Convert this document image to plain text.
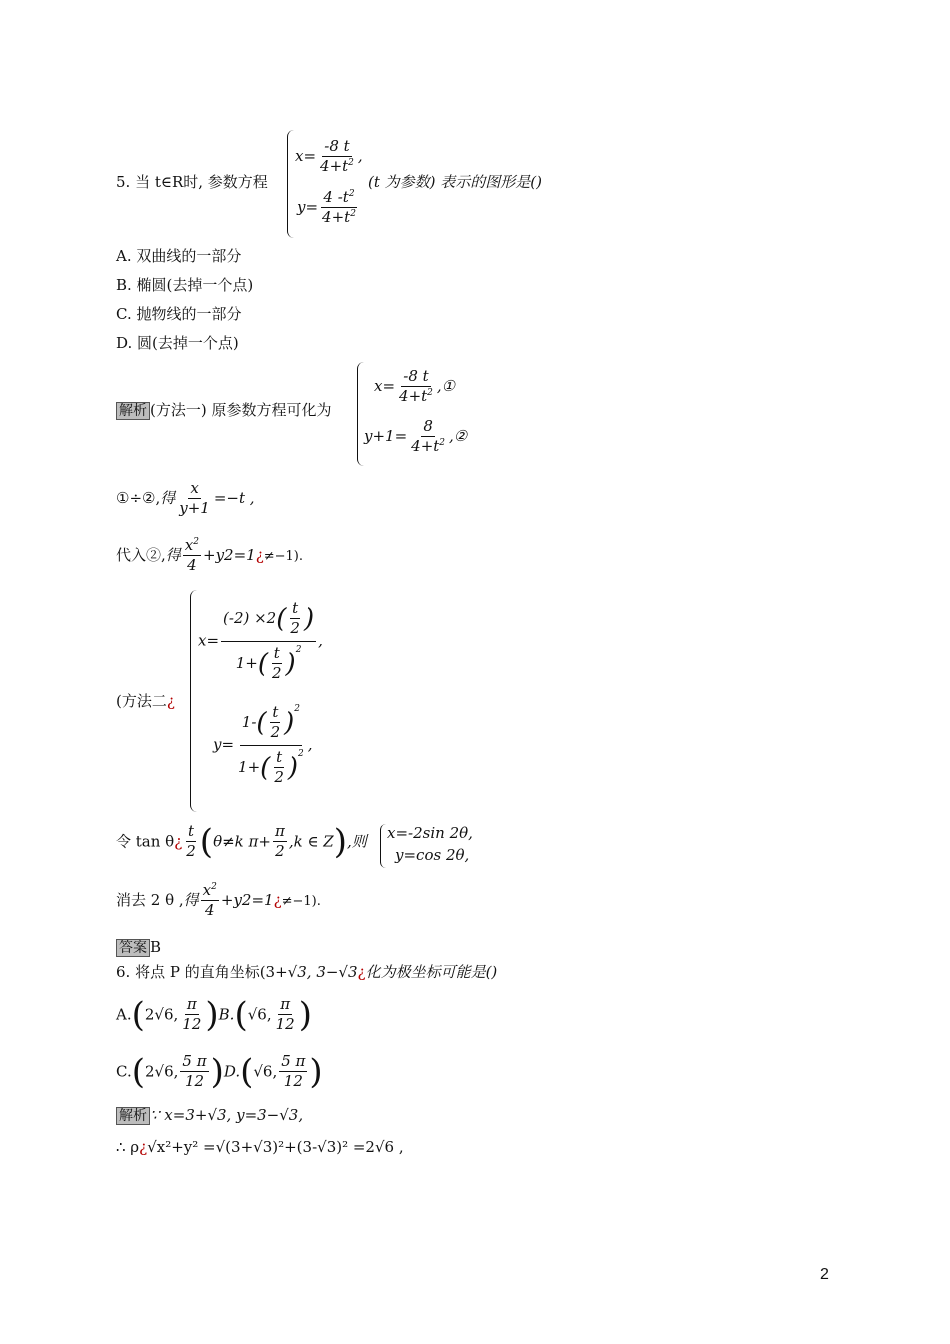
5. 当 t∈R时, 参数方程
$x= \frac{-8 t}{4+t^2}$ ,
$y= \frac{4 -t^2}{4+t^2}$
(t 为参数) 表示的图形是()
A. 双曲线的一部分
B. 椭圆(去掉一个点)
C. 抛物线的一部分
D. 圆(去掉一个点)
解析 (方法一) 原参数方程可化为
$x= \frac{-8 t}{4+t^2}$ ,①
$y+1= \frac{8}{4+t^2}$ ,②
①÷②,得 $\frac{x}{y+1} =-t$ ,
代入②,得 $\frac{x^2}{4}$ +y2=1¿≠−1).
(方法二¿
$x= \frac{(-2) \times 2( \frac{t}{2} )}{1+( \frac{t}{2} )^2}$ ,
$y= \frac{1-( \frac{t}{2} )^2}{1+( \frac{t}{2} )^2}$ ,
令 tan θ¿ $\frac{t}{2} (\theta\ne k$ $\pi+ \frac{\pi}{2} ,k$ ∈ Z),则 x=-2sin 2θ,
y=cos 2θ,
消去 2 θ ,得 $\frac{x^2}{4}$ +y2=1¿≠−1).
答案 B
6. 将点 P 的直角坐标(3+√3, 3−√3¿化为极坐标可能是()
A.(2√6, $\frac{\pi}{12} )B.(√6$, $\frac{\pi}{12}$ )
C.(2√6, $\frac{5 \pi}{12} )D.(√6$, $\frac{5 \pi}{12}$ )
解析 ∵ x=3+√3, y=3−√3,
∴ ρ¿√x²+y² =√(3+√3)²+(3-√3)² =2√6 ,
2
